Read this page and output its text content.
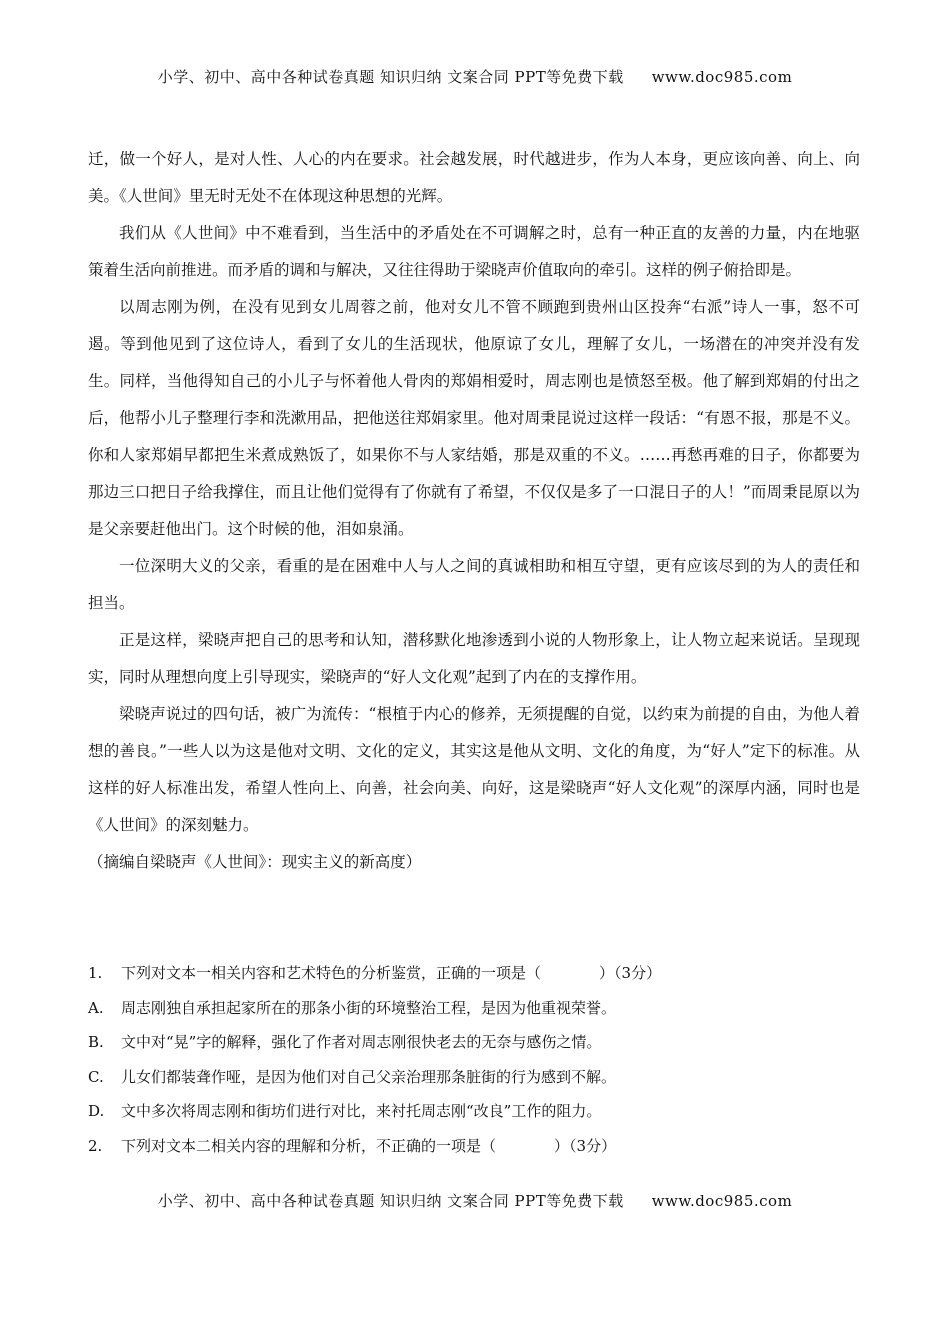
小学、初中、高中各种试卷真题 知识归纳 文案合同 PPT等免费下载 www.doc985.com

迁，做一个好人，是对人性、人心的内在要求。社会越发展，时代越进步，作为人本身，更应该向善、向上、向美。《人世间》里无时无处不在体现这种思想的光辉。

我们从《人世间》中不难看到，当生活中的矛盾处在不可调解之时，总有一种正直的友善的力量，内在地驱策着生活向前推进。而矛盾的调和与解决，又往往得助于梁晓声价值取向的牵引。这样的例子俯拾即是。

以周志刚为例，在没有见到女儿周蓉之前，他对女儿不管不顾跑到贵州山区投奔“右派”诗人一事，怒不可遏。等到他见到了这位诗人，看到了女儿的生活现状，他原谅了女儿，理解了女儿，一场潜在的冲突并没有发生。同样，当他得知自己的小儿子与怀着他人骨肉的郑娟相爱时，周志刚也是愤怒至极。他了解到郑娟的付出之后，他帮小儿子整理行李和洗漱用品，把他送往郑娟家里。他对周秉昆说过这样一段话：“有恩不报，那是不义。你和人家郑娟早都把生米煮成熟饭了，如果你不与人家结婚，那是双重的不义。……再愁再难的日子，你都要为那边三口把日子给我撑住，而且让他们觉得有了你就有了希望，不仅仅是多了一口混日子的人！”而周秉昆原以为是父亲要赶他出门。这个时候的他，泪如泉涌。

一位深明大义的父亲，看重的是在困难中人与人之间的真诚相助和相互守望，更有应该尽到的为人的责任和担当。

正是这样，梁晓声把自己的思考和认知，潜移默化地渗透到小说的人物形象上，让人物立起来说话。呈现现实，同时从理想向度上引导现实，梁晓声的“好人文化观”起到了内在的支撑作用。

梁晓声说过的四句话，被广为流传：“根植于内心的修养，无须提醒的自觉，以约束为前提的自由，为他人着想的善良。”一些人以为这是他对文明、文化的定义，其实这是他从文明、文化的角度，为“好人”定下的标准。从这样的好人标准出发，希望人性向上、向善，社会向美、向好，这是梁晓声“好人文化观”的深厚内涵，同时也是《人世间》的深刻魅力。

（摘编自梁晓声《人世间》：现实主义的新高度）

1. 下列对文本一相关内容和艺术特色的分析鉴赏，正确的一项是（	）（3分）
A. 周志刚独自承担起家所在的那条小街的环境整治工程，是因为他重视荣誉。
B. 文中对“晃”字的解释，强化了作者对周志刚很快老去的无奈与感伤之情。
C. 儿女们都装聋作哑，是因为他们对自己父亲治理那条脏街的行为感到不解。
D. 文中多次将周志刚和街坊们进行对比，来衬托周志刚“改良”工作的阻力。
2. 下列对文本二相关内容的理解和分析，不正确的一项是（	）（3分）
小学、初中、高中各种试卷真题 知识归纳 文案合同 PPT等免费下载 www.doc985.com
